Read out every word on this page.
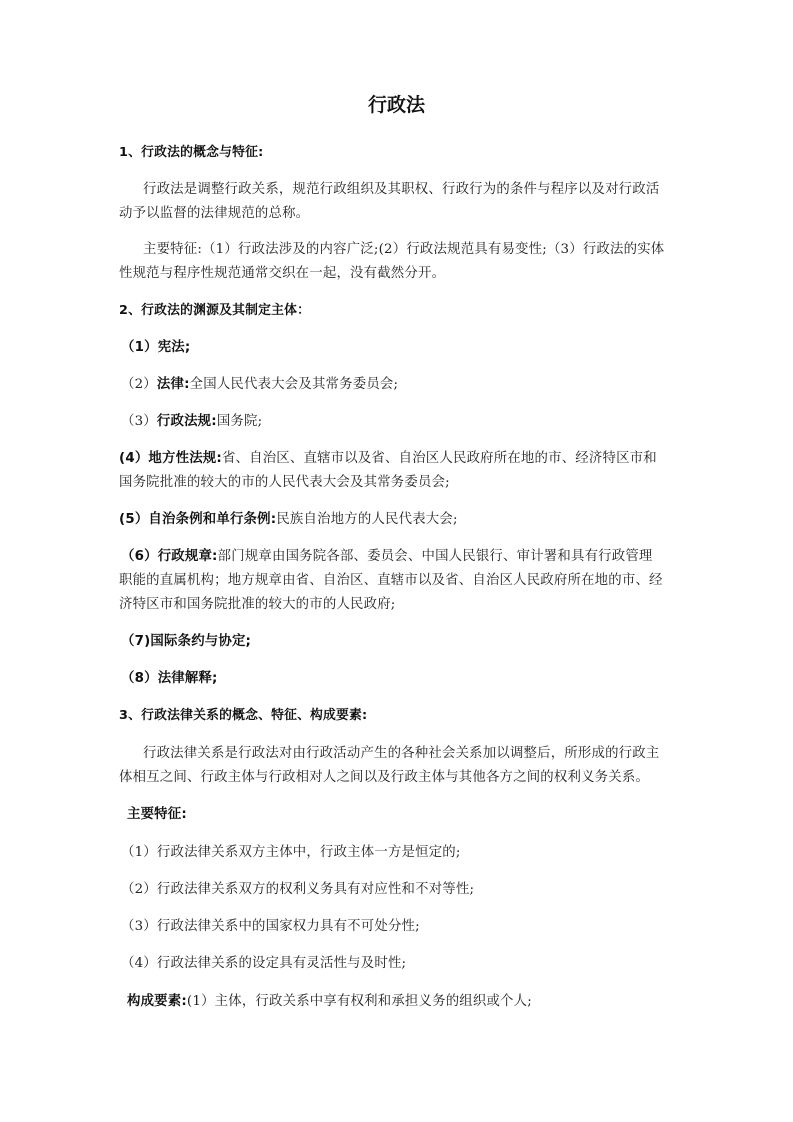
行政法
1、行政法的概念与特征:
行政法是调整行政关系，规范行政组织及其职权、行政行为的条件与程序以及对行政活
动予以监督的法律规范的总称。
主要特征:（1）行政法涉及的内容广泛;(2）行政法规范具有易变性;（3）行政法的实体
性规范与程序性规范通常交织在一起，没有截然分开。
2、行政法的渊源及其制定主体：
（1）宪法;
（2）法律:全国人民代表大会及其常务委员会;
（3）行政法规:国务院;
(4）地方性法规:省、自治区、直辖市以及省、自治区人民政府所在地的市、经济特区市和
国务院批准的较大的市的人民代表大会及其常务委员会;
(5）自治条例和单行条例:民族自治地方的人民代表大会;
（6）行政规章:部门规章由国务院各部、委员会、中国人民银行、审计署和具有行政管理
职能的直属机构；地方规章由省、自治区、直辖市以及省、自治区人民政府所在地的市、经
济特区市和国务院批准的较大的市的人民政府;
（7)国际条约与协定;
（8）法律解释;
3、行政法律关系的概念、特征、构成要素:
行政法律关系是行政法对由行政活动产生的各种社会关系加以调整后，所形成的行政主
体相互之间、行政主体与行政相对人之间以及行政主体与其他各方之间的权利义务关系。
主要特征:
（1）行政法律关系双方主体中，行政主体一方是恒定的;
（2）行政法律关系双方的权利义务具有对应性和不对等性;
（3）行政法律关系中的国家权力具有不可处分性;
（4）行政法律关系的设定具有灵活性与及时性;
构成要素:(1）主体，行政关系中享有权利和承担义务的组织或个人;
